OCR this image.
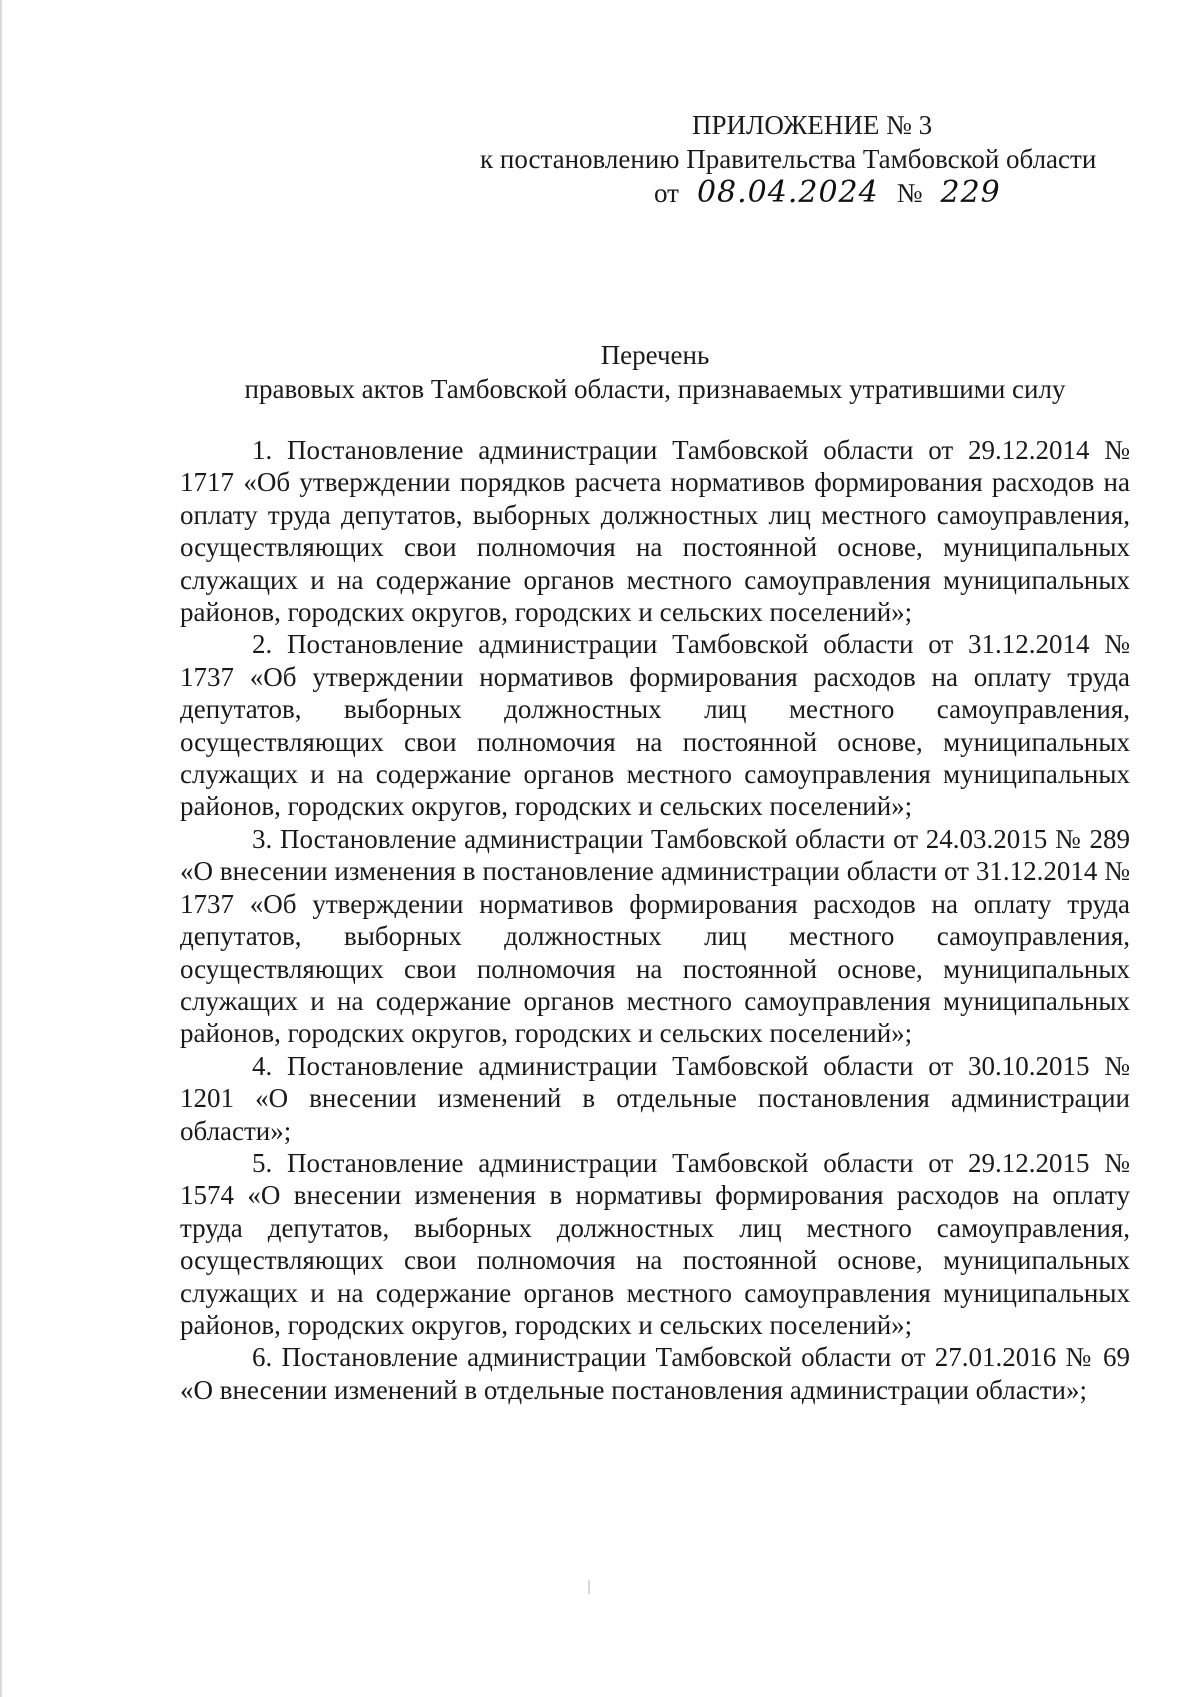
ПРИЛОЖЕНИЕ № 3
к постановлению Правительства Тамбовской области
от 08.04.2024 № 229
Перечень
правовых актов Тамбовской области, признаваемых утратившими силу

1. Постановление администрации Тамбовской области от 29.12.2014 № 1717 «Об утверждении порядков расчета нормативов формирования расходов на оплату труда депутатов, выборных должностных лиц местного самоуправления, осуществляющих свои полномочия на постоянной основе, муниципальных служащих и на содержание органов местного самоуправления муниципальных районов, городских округов, городских и сельских поселений»;

2. Постановление администрации Тамбовской области от 31.12.2014 № 1737 «Об утверждении нормативов формирования расходов на оплату труда депутатов, выборных должностных лиц местного самоуправления, осуществляющих свои полномочия на постоянной основе, муниципальных служащих и на содержание органов местного самоуправления муниципальных районов, городских округов, городских и сельских поселений»;

3. Постановление администрации Тамбовской области от 24.03.2015 № 289 «О внесении изменения в постановление администрации области от 31.12.2014 № 1737 «Об утверждении нормативов формирования расходов на оплату труда депутатов, выборных должностных лиц местного самоуправления, осуществляющих свои полномочия на постоянной основе, муниципальных служащих и на содержание органов местного самоуправления муниципальных районов, городских округов, городских и сельских поселений»;

4. Постановление администрации Тамбовской области от 30.10.2015 № 1201 «О внесении изменений в отдельные постановления администрации области»;

5. Постановление администрации Тамбовской области от 29.12.2015 № 1574 «О внесении изменения в нормативы формирования расходов на оплату труда депутатов, выборных должностных лиц местного самоуправления, осуществляющих свои полномочия на постоянной основе, муниципальных служащих и на содержание органов местного самоуправления муниципальных районов, городских округов, городских и сельских поселений»;

6. Постановление администрации Тамбовской области от 27.01.2016 № 69 «О внесении изменений в отдельные постановления администрации области»;
